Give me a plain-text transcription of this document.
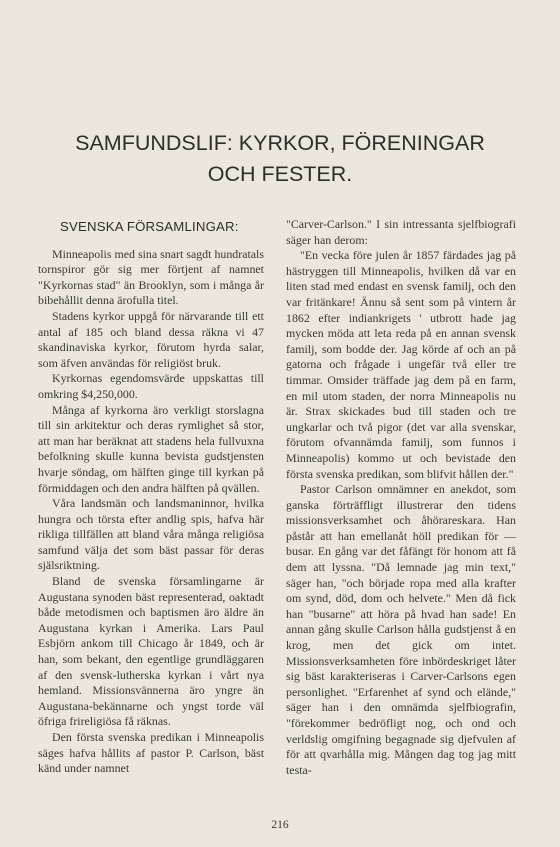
SAMFUNDSLIF: KYRKOR, FÖRENINGAR
OCH FESTER.
SVENSKA FÖRSAMLINGAR:

Minneapolis med sina snart sagdt hundratals tornspiror gör sig mer förtjent af namnet "Kyrkornas stad" än Brooklyn, som i många år bibehållit denna ärofulla titel.

Stadens kyrkor uppgå för närvarande till ett antal af 185 och bland dessa räkna vi 47 skandinaviska kyrkor, förutom hyrda salar, som äfven användas för religiöst bruk.

Kyrkornas egendomsvärde uppskattas till omkring $4,250,000.

Många af kyrkorna äro verkligt storslagna till sin arkitektur och deras rymlighet så stor, att man har beräknat att stadens hela fullvuxna befolkning skulle kunna bevista gudstjensten hvarje söndag, om hälften ginge till kyrkan på förmiddagen och den andra hälften på qvällen.

Våra landsmän och landsmaninnor, hvilka hungra och törsta efter andlig spis, hafva här rikliga tillfällen att bland våra många religiösa samfund välja det som bäst passar för deras själsriktning.

Bland de svenska församlingarne är Augustana synoden bäst representerad, oaktadt både metodismen och baptismen äro äldre än Augustana kyrkan i Amerika. Lars Paul Esbjörn ankom till Chicago år 1849, och är han, som bekant, den egentlige grundläggaren af den svensk-lutherska kyrkan i vårt nya hemland. Missionsvännerna äro yngre än Augustana-bekännarne och yngst torde väl öfriga frireligiösa få räknas.

Den första svenska predikan i Minneapolis säges hafva hållits af pastor P. Carlson, bäst känd under namnet

"Carver-Carlson." I sin intressanta sjelfbiografi säger han derom:

"En vecka före julen år 1857 färdades jag på hästryggen till Minneapolis, hvilken då var en liten stad med endast en svensk familj, och den var fritänkare! Ännu så sent som på vintern år 1862 efter indiankrigets ' utbrott hade jag mycken möda att leta reda på en annan svensk familj, som bodde der. Jag körde af och an på gatorna och frågade i ungefär två eller tre timmar. Omsider träffade jag dem på en farm, en mil utom staden, der norra Minneapolis nu är. Strax skickades bud till staden och tre ungkarlar och två pigor (det var alla svenskar, förutom ofvannämda familj, som funnos i Minneapolis) kommo ut och bevistade den första svenska predikan, som blifvit hållen der."

Pastor Carlson omnämner en anekdot, som ganska förträffligt illustrerar den tidens missionsverksamhet och åhörareskara. Han påstår att han emellanåt höll predikan för — busar. En gång var det fåfängt för honom att få dem att lyssna. "Då lemnade jag min text," säger han, "och började ropa med alla krafter om synd, död, dom och helvete." Men då fick han "busarne" att höra på hvad han sade! En annan gång skulle Carlson hålla gudstjenst å en krog, men det gick om intet. Missionsverksamheten före inbördeskriget låter sig bäst karakteriseras i Carver-Carlsons egen personlighet. "Erfarenhet af synd och elände," säger han i den omnämda sjelfbiografin, "förekommer bedröfligt nog, och ond och verldslig omgifning begagnade sig djefvulen af för att qvarhålla mig. Mången dag tog jag mitt testa-

216
